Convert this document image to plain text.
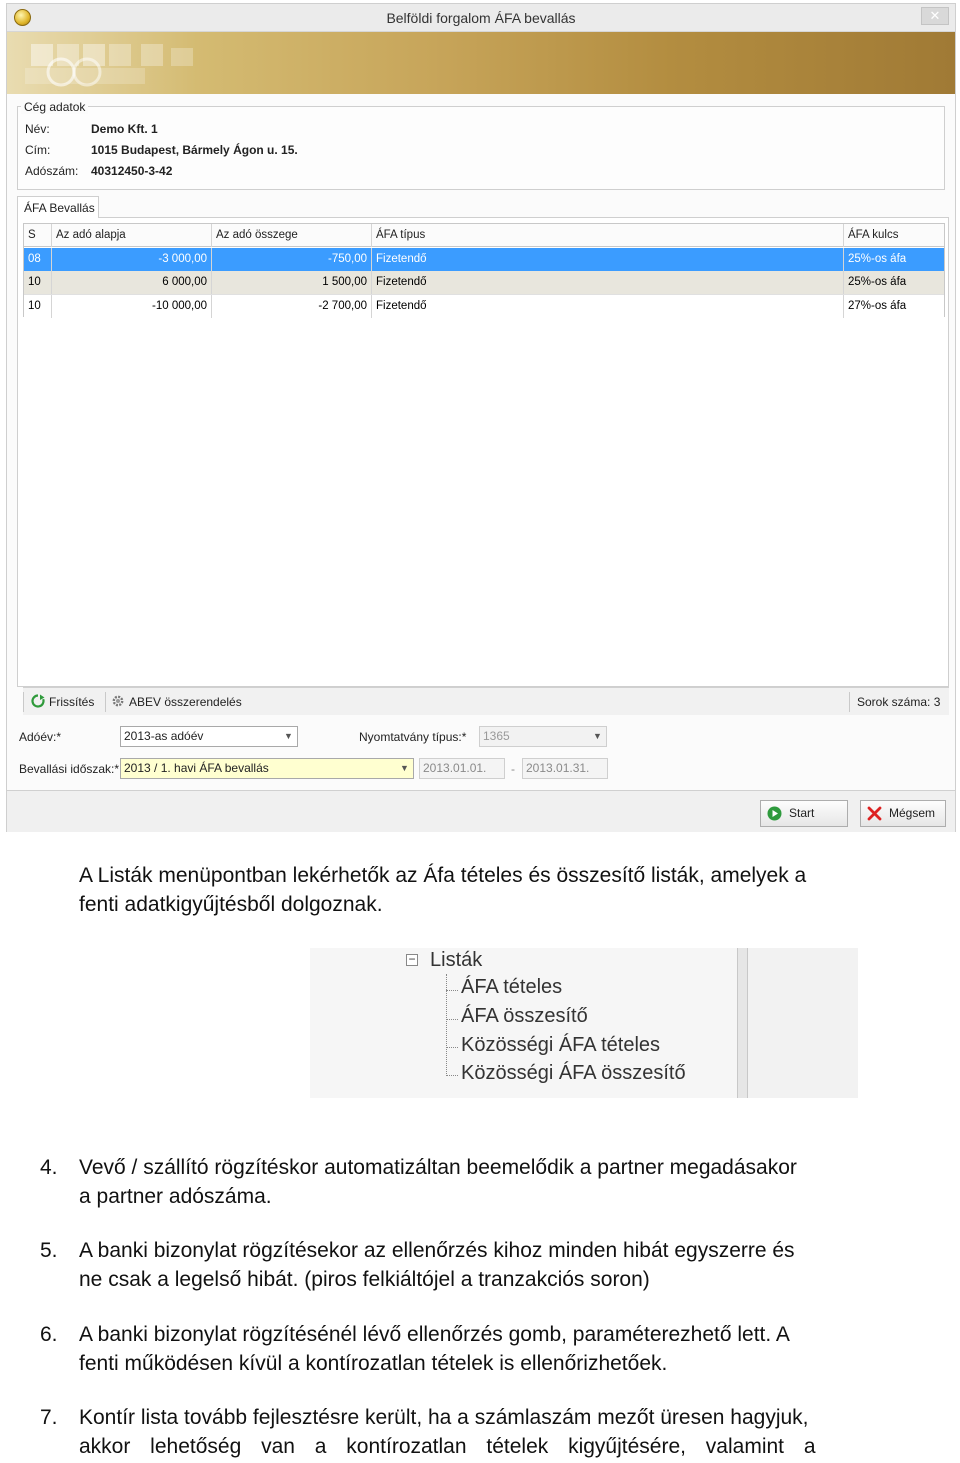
Belföldi forgalom ÁFA bevallás	✕
Cég adatok
Név:	Demo Kft. 1
Cím:	1015 Budapest, Bármely Ágon u. 15.
Adószám: 40312450-3-42
ÁFA Bevallás
S	Az adó alapja	Az adó összege	ÁFA típus	ÁFA kulcs
08	-3 000,00	-750,00 Fizetendő	25%-os áfa
10	6 000,00	1 500,00 Fizetendő	25%-os áfa
10	-10 000,00	-2 700,00 Fizetendő	27%-os áfa
Frissítés	ABEV összerendelés	Sorok száma: 3
Adóév:*	2013-as adóév	▼	Nyomtatvány típus:*	1365	▼
Bevallási időszak:* 2013 / 1. havi ÁFA bevallás	▼	2013.01.01.	- 2013.01.31.
Start	Mégsem
A Listák menüpontban lekérhetők az Áfa tételes és összesítő listák, amelyek a
fenti adatkigyűjtésből dolgoznak.
− Listák
ÁFA tételes
ÁFA összesítő
Közösségi ÁFA tételes
Közösségi ÁFA összesítő
4. Vevő / szállító rögzítéskor automatizáltan beemelődik a partner megadásakor
a partner adószáma.
5. A banki bizonylat rögzítésekor az ellenőrzés kihoz minden hibát egyszerre és
ne csak a legelső hibát. (piros felkiáltójel a tranzakciós soron)
6. A banki bizonylat rögzítésénél lévő ellenőrzés gomb, paraméterezhető lett. A
fenti működésen kívül a kontírozatlan tételek is ellenőrizhetőek.
7. Kontír lista tovább fejlesztésre került, ha a számlaszám mezőt üresen hagyjuk,
akkor lehetőség van a kontírozatlan tételek kigyűjtésére, valamint a
